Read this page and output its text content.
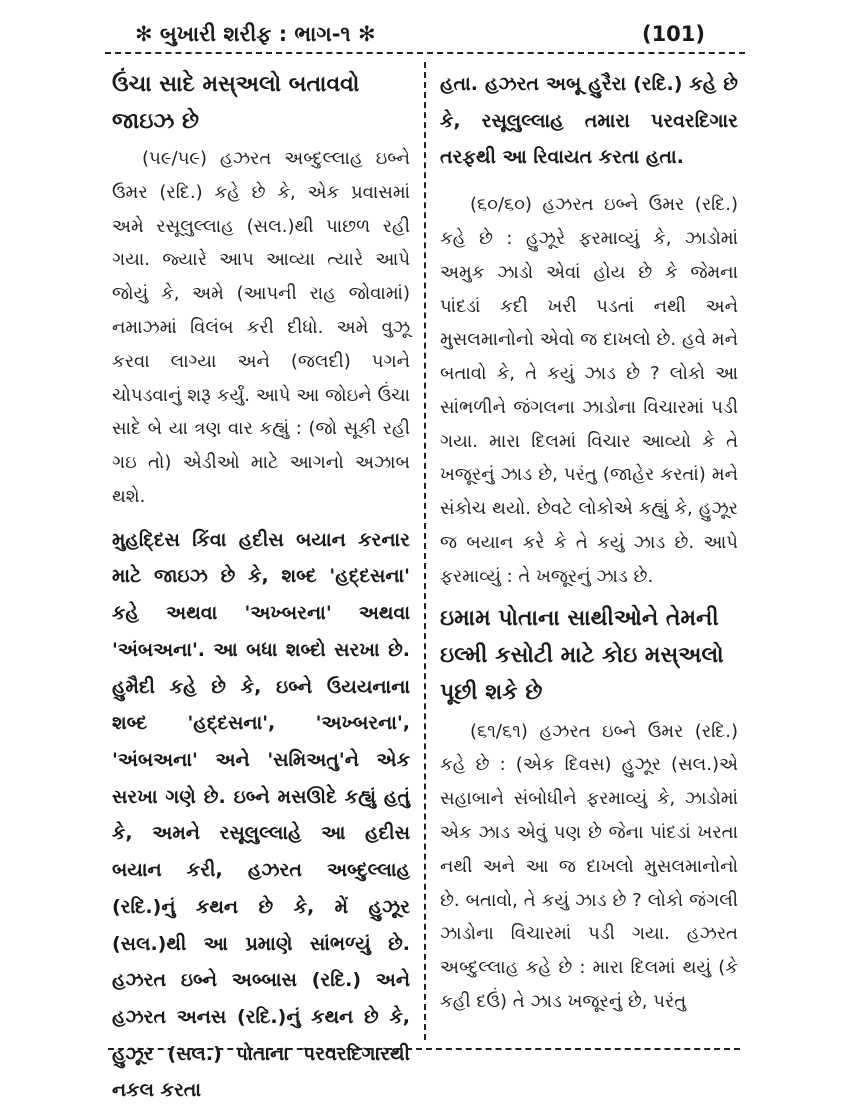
✻ બુખારી શરીફ : ભાગ-૧ ✻	(101)

ઉંચા સાદે મસ્અલો બતાવવો જાઇઝ છે

(૫૯/૫૯) હઝરત અબ્દુલ્લાહ ઇબ્ને ઉમર (રદિ.) કહે છે કે, એક પ્રવાસમાં અમે રસૂલુલ્લાહ (સલ.)થી પાછળ રહી ગયા. જ્યારે આપ આવ્યા ત્યારે આપે જોયું કે, અમે (આપની રાહ જોવામાં) નમાઝમાં વિલંબ કરી દીધો. અમે વુઝૂ કરવા લાગ્યા અને (જલદી) પગને ચોપડવાનું શરૂ કર્યું. આપે આ જોઇને ઉંચા સાદે બે યા ત્રણ વાર કહ્યું : (જો સૂકી રહી ગઇ તો) એડીઓ માટે આગનો અઝાબ થશે.

મુહદ્દિસ કિંવા હદીસ બયાન કરનાર માટે જાઇઝ છે કે, શબ્દ 'હદ્દસના' કહે અથવા 'અખ્બરના' અથવા 'અંબઅના'. આ બધા શબ્દો સરખા છે. હુમૈદી કહે છે કે, ઇબ્ને ઉયયનાના શબ્દ 'હદ્દસના', 'અખ્બરના', 'અંબઅના' અને 'સમિઅતુ'ને એક સરખા ગણે છે. ઇબ્ને મસઊદે કહ્યું હતું કે, અમને રસૂલુલ્લાહે આ હદીસ બયાન કરી, હઝરત અબ્દુલ્લાહ (રદિ.)નું કથન છે કે, મેં હુઝૂર (સલ.)થી આ પ્રમાણે સાંભળ્યું છે. હઝરત ઇબ્ને અબ્બાસ (રદિ.) અને હઝરત અનસ (રદિ.)નું કથન છે કે, હુઝૂર (સલ.) પોતાના પરવરદિગારથી નકલ કરતા

હતા. હઝરત અબૂ હુરૈરા (રદિ.) કહે છે કે, રસૂલુલ્લાહ તમારા પરવરદિગાર તરફથી આ રિવાયત કરતા હતા.

(૬૦/૬૦) હઝરત ઇબ્ને ઉમર (રદિ.) કહે છે : હુઝૂરે ફરમાવ્યું કે, ઝાડોમાં અમુક ઝાડો એવાં હોય છે કે જેમના પાંદડાં કદી ખરી પડતાં નથી અને મુસલમાનોનો એવો જ દાખલો છે. હવે મને બતાવો કે, તે કયું ઝાડ છે ? લોકો આ સાંભળીને જંગલના ઝાડોના વિચારમાં પડી ગયા. મારા દિલમાં વિચાર આવ્યો કે તે ખજૂરનું ઝાડ છે, પરંતુ (જાહેર કરતાં) મને સંકોચ થયો. છેવટે લોકોએ કહ્યું કે, હુઝૂર જ બયાન કરે કે તે કયું ઝાડ છે. આપે ફરમાવ્યું : તે ખજૂરનું ઝાડ છે.

ઇમામ પોતાના સાથીઓને તેમની ઇલ્મી કસોટી માટે કોઇ મસ્અલો પૂછી શકે છે

(૬૧/૬૧) હઝરત ઇબ્ને ઉમર (રદિ.) કહે છે : (એક દિવસ) હુઝૂર (સલ.)એ સહાબાને સંબોધીને ફરમાવ્યું કે, ઝાડોમાં એક ઝાડ એવું પણ છે જેના પાંદડાં ખરતા નથી અને આ જ દાખલો મુસલમાનોનો છે. બતાવો, તે કયું ઝાડ છે ? લોકો જંગલી ઝાડોના વિચારમાં પડી ગયા. હઝરત અબ્દુલ્લાહ કહે છે : મારા દિલમાં થયું (કે કહી દઉં) તે ઝાડ ખજૂરનું છે, પરંતુ
